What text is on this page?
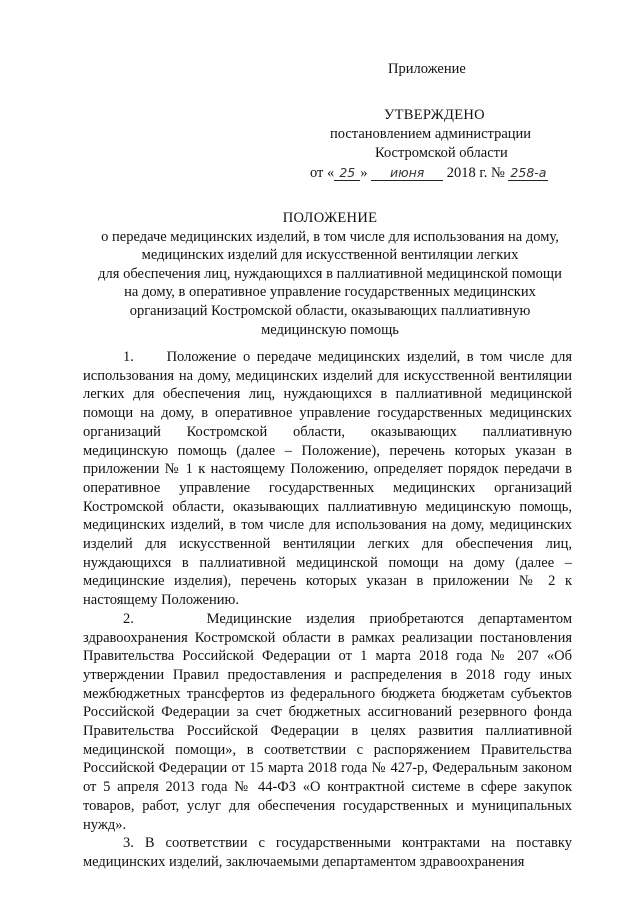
Приложение
УТВЕРЖДЕНО
постановлением администрации
Костромской области
от « 25 » июня 2018 г. № 258-а
ПОЛОЖЕНИЕ
о передаче медицинских изделий, в том числе для использования на дому,
медицинских изделий для искусственной вентиляции легких
для обеспечения лиц, нуждающихся в паллиативной медицинской помощи
на дому, в оперативное управление государственных медицинских
организаций Костромской области, оказывающих паллиативную
медицинскую помощь

1.     Положение о передаче медицинских изделий, в том числе для использования на дому, медицинских изделий для искусственной вентиляции легких для обеспечения лиц, нуждающихся в паллиативной медицинской помощи на дому, в оперативное управление государственных медицинских организаций Костромской области, оказывающих паллиативную медицинскую помощь (далее – Положение), перечень которых указан в приложении № 1 к настоящему Положению, определяет порядок передачи в оперативное управление государственных медицинских организаций Костромской области, оказывающих паллиативную медицинскую помощь, медицинских изделий, в том числе для использования на дому, медицинских изделий для искусственной вентиляции легких для обеспечения лиц, нуждающихся в паллиативной медицинской помощи на дому (далее – медицинские изделия), перечень которых указан в приложении № 2 к настоящему Положению.

2.     Медицинские изделия приобретаются департаментом здравоохранения Костромской области в рамках реализации постановления Правительства Российской Федерации от 1 марта 2018 года № 207 «Об утверждении Правил предоставления и распределения в 2018 году иных межбюджетных трансфертов из федерального бюджета бюджетам субъектов Российской Федерации за счет бюджетных ассигнований резервного фонда Правительства Российской Федерации в целях развития паллиативной медицинской помощи», в соответствии с распоряжением Правительства Российской Федерации от 15 марта 2018 года № 427-р, Федеральным законом от 5 апреля 2013 года № 44-ФЗ «О контрактной системе в сфере закупок товаров, работ, услуг для обеспечения государственных и муниципальных нужд».

3. В соответствии с государственными контрактами на поставку медицинских изделий, заключаемыми департаментом здравоохранения
